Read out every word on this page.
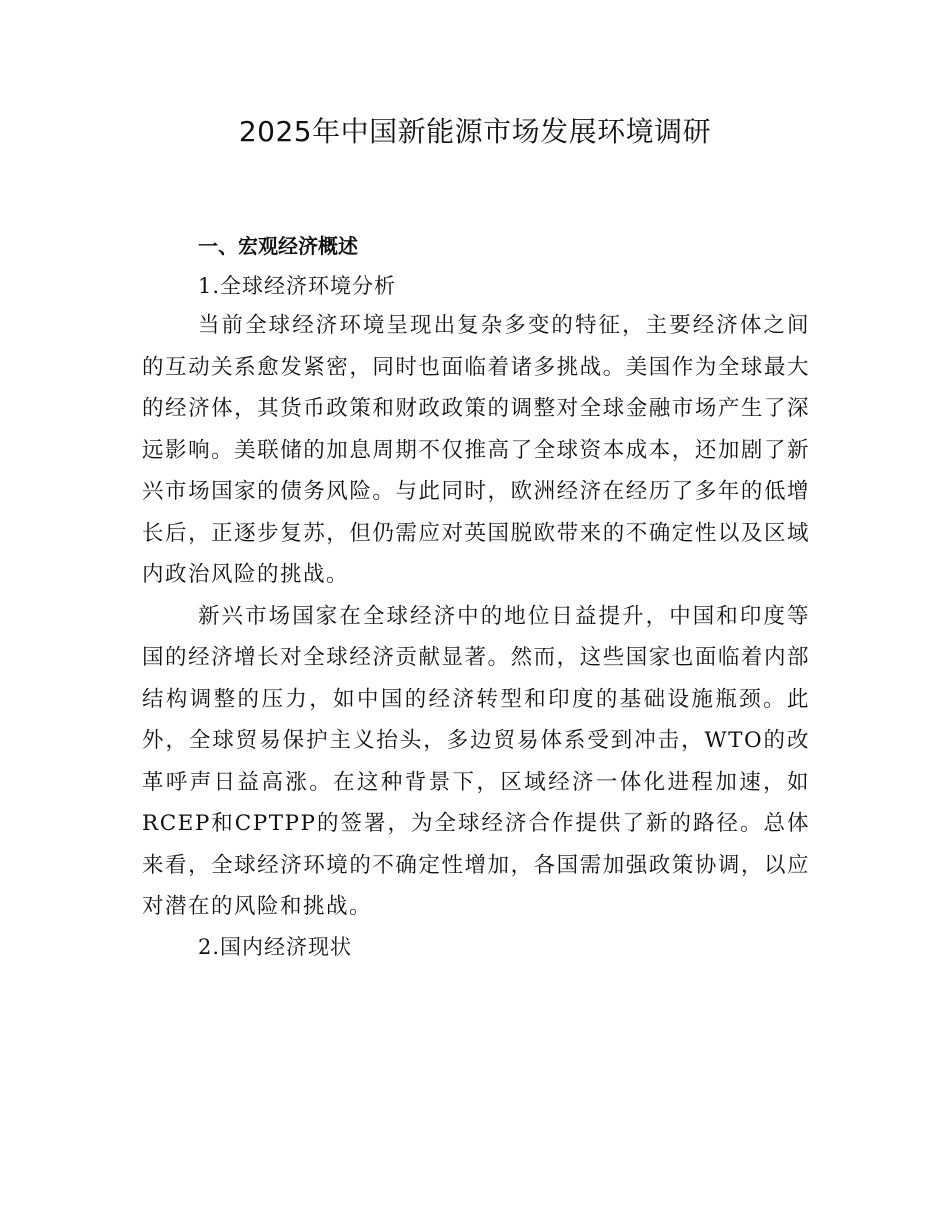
2025年中国新能源市场发展环境调研
一、宏观经济概述
1.全球经济环境分析

当前全球经济环境呈现出复杂多变的特征，主要经济体之间的互动关系愈发紧密，同时也面临着诸多挑战。美国作为全球最大的经济体，其货币政策和财政政策的调整对全球金融市场产生了深远影响。美联储的加息周期不仅推高了全球资本成本，还加剧了新兴市场国家的债务风险。与此同时，欧洲经济在经历了多年的低增长后，正逐步复苏，但仍需应对英国脱欧带来的不确定性以及区域内政治风险的挑战。

新兴市场国家在全球经济中的地位日益提升，中国和印度等国的经济增长对全球经济贡献显著。然而，这些国家也面临着内部结构调整的压力，如中国的经济转型和印度的基础设施瓶颈。此外，全球贸易保护主义抬头，多边贸易体系受到冲击，WTO的改革呼声日益高涨。在这种背景下，区域经济一体化进程加速，如RCEP和CPTPP的签署，为全球经济合作提供了新的路径。总体来看，全球经济环境的不确定性增加，各国需加强政策协调，以应对潜在的风险和挑战。

2.国内经济现状
